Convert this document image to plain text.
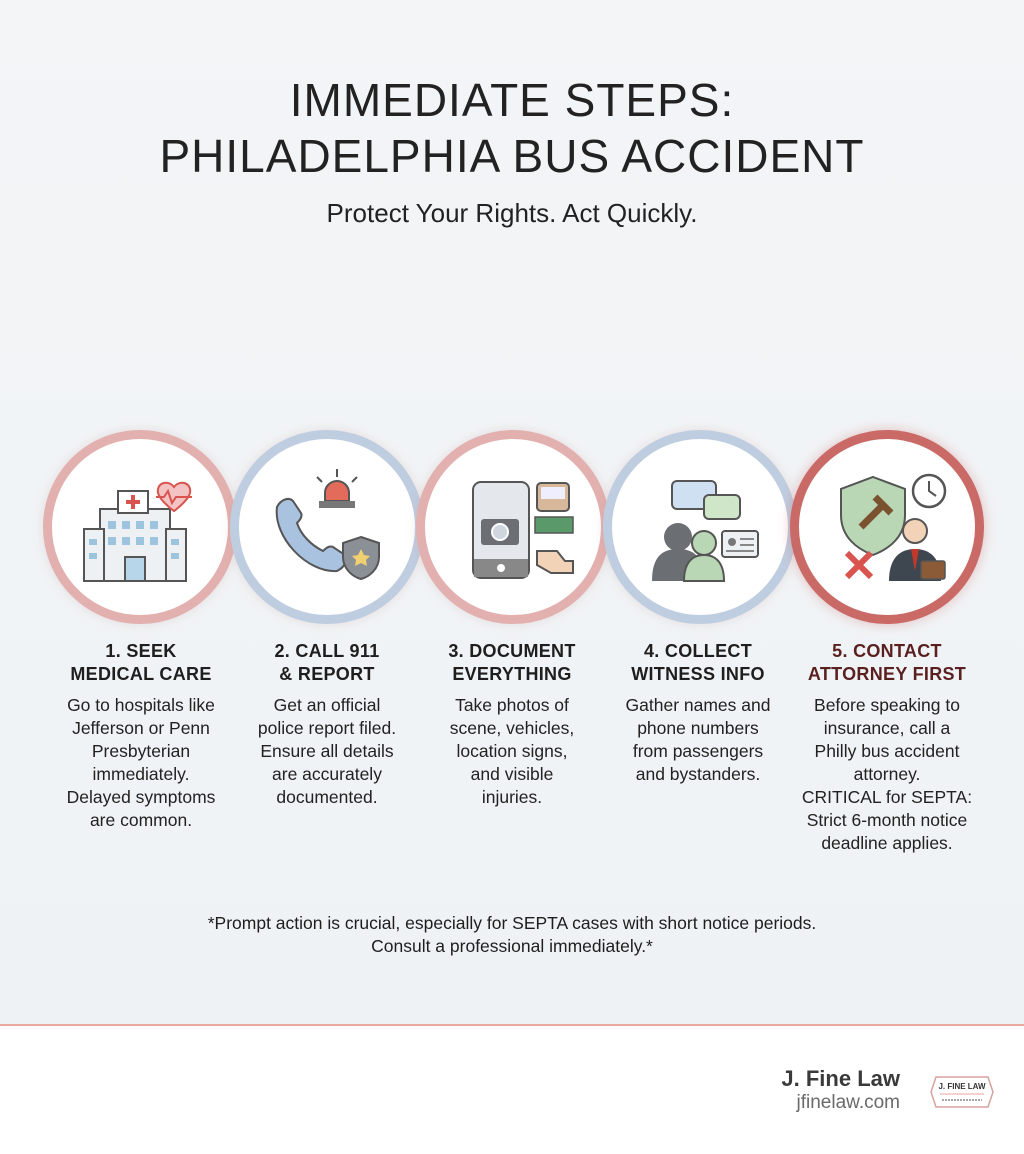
IMMEDIATE STEPS:
PHILADELPHIA BUS ACCIDENT
Protect Your Rights. Act Quickly.
1. SEEK
MEDICAL CARE

Go to hospitals like
Jefferson or Penn
Presbyterian
immediately.
Delayed symptoms
are common.

2. CALL 911
& REPORT

Get an official
police report filed.
Ensure all details
are accurately
documented.

3. DOCUMENT
EVERYTHING

Take photos of
scene, vehicles,
location signs,
and visible
injuries.

4. COLLECT
WITNESS INFO

Gather names and
phone numbers
from passengers
and bystanders.

5. CONTACT
ATTORNEY FIRST

Before speaking to
insurance, call a
Philly bus accident
attorney.
CRITICAL for SEPTA:
Strict 6-month notice
deadline applies.

*Prompt action is crucial, especially for SEPTA cases with short notice periods.
Consult a professional immediately.*
J. Fine Law
jfinelaw.com
J. FINE LAW
